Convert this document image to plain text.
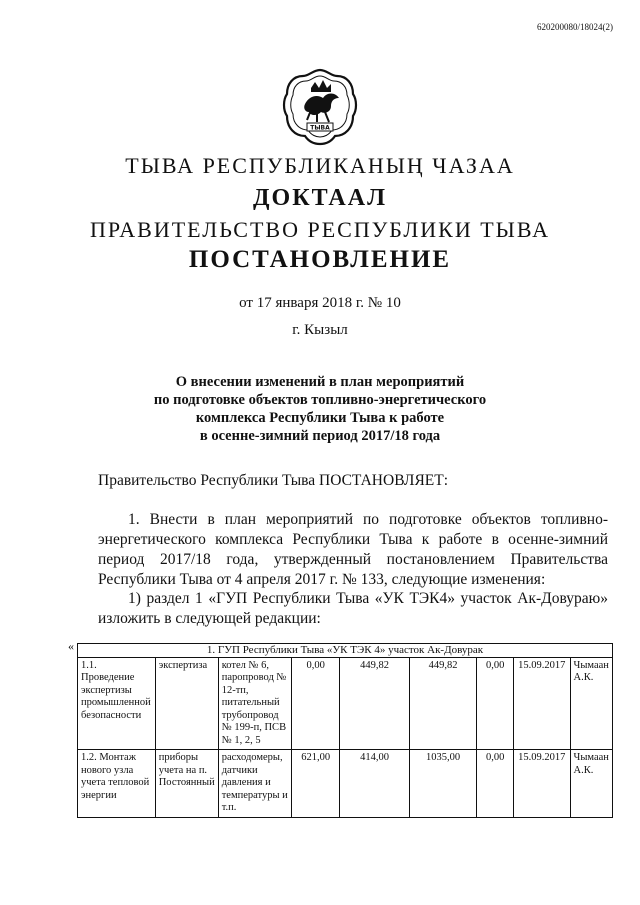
620200080/18024(2)
ТЫВА
ТЫВА РЕСПУБЛИКАНЫҢ ЧАЗАА
ДОКТААЛ
ПРАВИТЕЛЬСТВО РЕСПУБЛИКИ ТЫВА
ПОСТАНОВЛЕНИЕ
от 17 января 2018 г. № 10
г. Кызыл
О внесении изменений в план мероприятий
по подготовке объектов топливно-энергетического
комплекса Республики Тыва к работе
в осенне-зимний период 2017/18 года
Правительство Республики Тыва ПОСТАНОВЛЯЕТ:
1. Внести в план мероприятий по подготовке объектов топливно-энергетического комплекса Республики Тыва к работе в осенне-зимний период 2017/18 года, утвержденный постановлением Правительства Республики Тыва от 4 апреля 2017 г. № 133, следующие изменения:
1) раздел 1 «ГУП Республики Тыва «УК ТЭК4» участок Ак-Довураю» изложить в следующей редакции:
«	1. ГУП Республики Тыва «УК ТЭК 4» участок Ак-Довурак								
1.1. Проведение экспертизы промышленной безопасности	экспертиза	котел № 6, паропровод № 12-тп, питательный трубопровод № 199-п, ПСВ № 1, 2, 5	0,00	449,82	449,82	0,00	15.09.2017	Чымаан А.К.
1.2. Монтаж нового узла учета тепловой энергии	приборы учета на п. Постоянный	расходомеры, датчики давления и температуры и т.п.	621,00	414,00	1035,00	0,00	15.09.2017	Чымаан А.К.
